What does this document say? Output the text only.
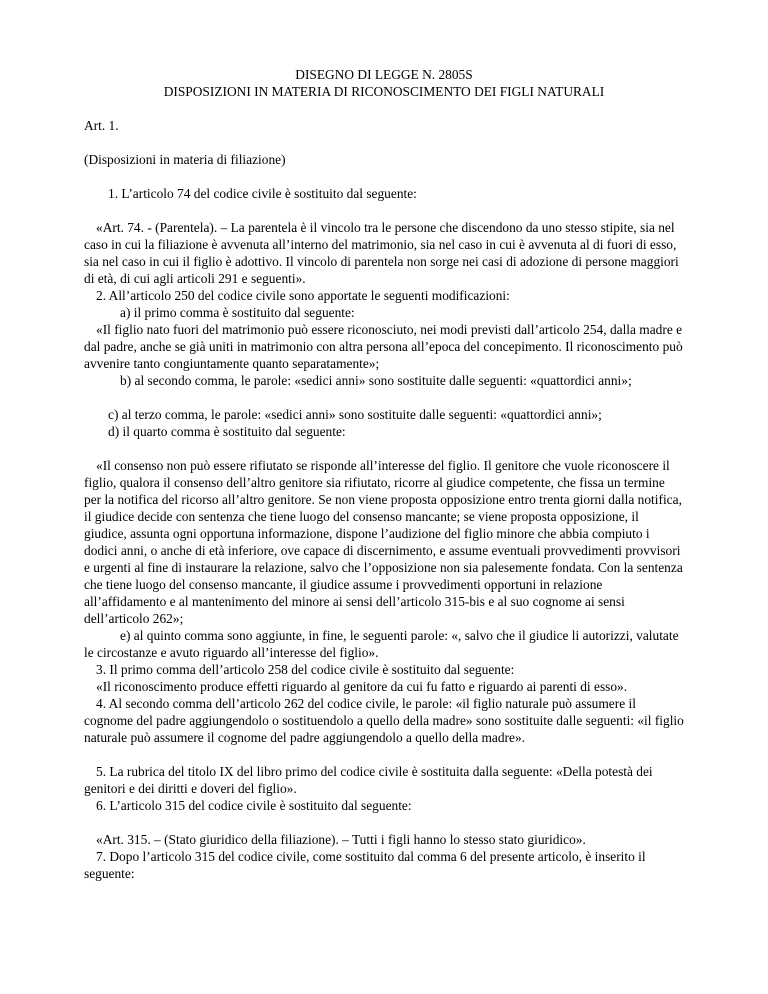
DISEGNO DI LEGGE N. 2805S

DISPOSIZIONI IN MATERIA DI RICONOSCIMENTO DEI FIGLI NATURALI

Art. 1.

(Disposizioni in materia di filiazione)

1. L’articolo 74 del codice civile è sostituito dal seguente:

«Art. 74. - (Parentela). – La parentela è il vincolo tra le persone che discendono da uno stesso stipite, sia nel caso in cui la filiazione è avvenuta all’interno del matrimonio, sia nel caso in cui è avvenuta al di fuori di esso, sia nel caso in cui il figlio è adottivo. Il vincolo di parentela non sorge nei casi di adozione di persone maggiori di età, di cui agli articoli 291 e seguenti».

2. All’articolo 250 del codice civile sono apportate le seguenti modificazioni:

a) il primo comma è sostituito dal seguente:

«Il figlio nato fuori del matrimonio può essere riconosciuto, nei modi previsti dall’articolo 254, dalla madre e dal padre, anche se già uniti in matrimonio con altra persona all’epoca del concepimento. Il riconoscimento può avvenire tanto congiuntamente quanto separatamente»;

b) al secondo comma, le parole: «sedici anni» sono sostituite dalle seguenti: «quattordici anni»;

c) al terzo comma, le parole: «sedici anni» sono sostituite dalle seguenti: «quattordici anni»;

d) il quarto comma è sostituito dal seguente:

«Il consenso non può essere rifiutato se risponde all’interesse del figlio. Il genitore che vuole riconoscere il figlio, qualora il consenso dell’altro genitore sia rifiutato, ricorre al giudice competente, che fissa un termine per la notifica del ricorso all’altro genitore. Se non viene proposta opposizione entro trenta giorni dalla notifica, il giudice decide con sentenza che tiene luogo del consenso mancante; se viene proposta opposizione, il giudice, assunta ogni opportuna informazione, dispone l’audizione del figlio minore che abbia compiuto i dodici anni, o anche di età inferiore, ove capace di discernimento, e assume eventuali provvedimenti provvisori e urgenti al fine di instaurare la relazione, salvo che l’opposizione non sia palesemente fondata. Con la sentenza che tiene luogo del consenso mancante, il giudice assume i provvedimenti opportuni in relazione all’affidamento e al mantenimento del minore ai sensi dell’articolo 315-bis e al suo cognome ai sensi dell’articolo 262»;

e) al quinto comma sono aggiunte, in fine, le seguenti parole: «, salvo che il giudice li autorizzi, valutate le circostanze e avuto riguardo all’interesse del figlio».

3. Il primo comma dell’articolo 258 del codice civile è sostituito dal seguente:

«Il riconoscimento produce effetti riguardo al genitore da cui fu fatto e riguardo ai parenti di esso».

4. Al secondo comma dell’articolo 262 del codice civile, le parole: «il figlio naturale può assumere il cognome del padre aggiungendolo o sostituendolo a quello della madre» sono sostituite dalle seguenti: «il figlio naturale può assumere il cognome del padre aggiungendolo a quello della madre».

5. La rubrica del titolo IX del libro primo del codice civile è sostituita dalla seguente: «Della potestà dei genitori e dei diritti e doveri del figlio».

6. L’articolo 315 del codice civile è sostituito dal seguente:

«Art. 315. – (Stato giuridico della filiazione). – Tutti i figli hanno lo stesso stato giuridico».

7. Dopo l’articolo 315 del codice civile, come sostituito dal comma 6 del presente articolo, è inserito il seguente:
